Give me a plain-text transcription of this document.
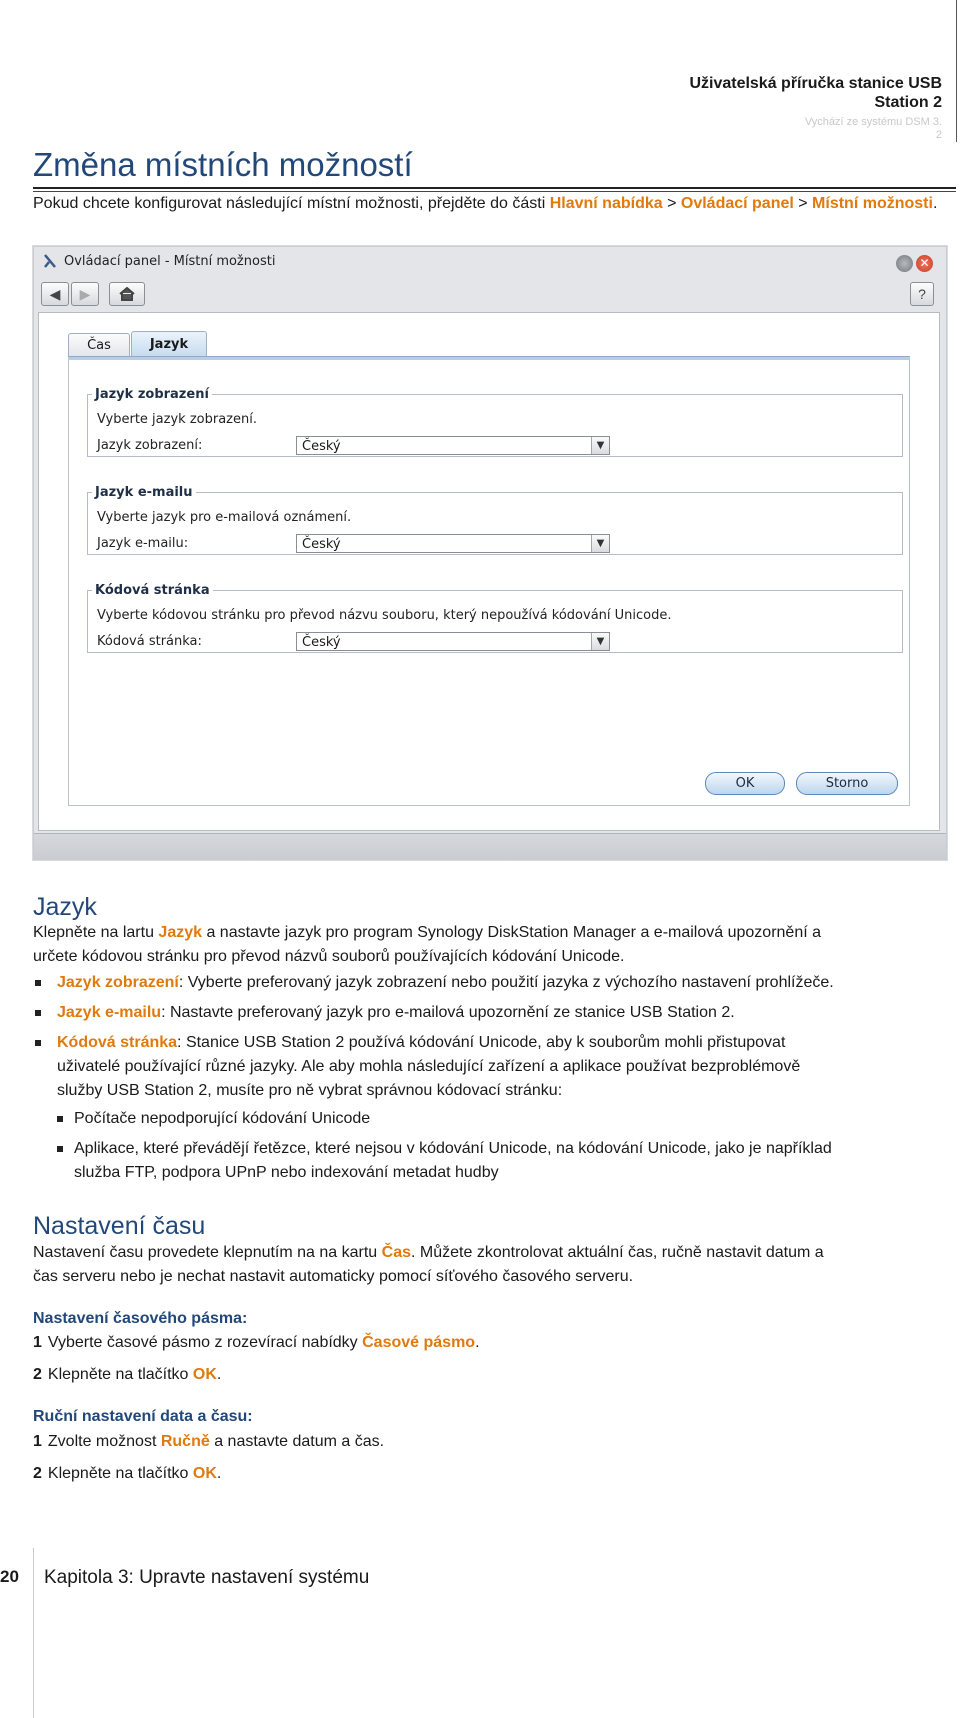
Uživatelská příručka stanice USB
Station 2
Vychází ze systému DSM 3.
2
Změna místních možností

Pokud chcete konfigurovat následující místní možnosti, přejděte do části Hlavní nabídka > Ovládací panel > Místní možnosti.

Ovládací panel - Místní možnosti	✕
◀ ▶	?
Čas	Jazyk
Jazyk zobrazení
Vyberte jazyk zobrazení.
Jazyk zobrazení:	Český	▼
Jazyk e-mailu
Vyberte jazyk pro e-mailová oznámení.
Jazyk e-mailu:	Český	▼
Kódová stránka
Vyberte kódovou stránku pro převod názvu souboru, který nepoužívá kódování Unicode.
Kódová stránka:	Český	▼
OK	Storno
Jazyk

Klepněte na lartu Jazyk a nastavte jazyk pro program Synology DiskStation Manager a e-mailová upozornění a
určete kódovou stránku pro převod názvů souborů používajících kódování Unicode.

Jazyk zobrazení: Vyberte preferovaný jazyk zobrazení nebo použití jazyka z výchozího nastavení prohlížeče.
Jazyk e-mailu: Nastavte preferovaný jazyk pro e-mailová upozornění ze stanice USB Station 2.
Kódová stránka: Stanice USB Station 2 používá kódování Unicode, aby k souborům mohli přistupovat
uživatelé používající různé jazyky. Ale aby mohla následující zařízení a aplikace používat bezproblémově
služby USB Station 2, musíte pro ně vybrat správnou kódovací stránku:
Počítače nepodporující kódování Unicode
Aplikace, které převádějí řetězce, které nejsou v kódování Unicode, na kódování Unicode, jako je například
služba FTP, podpora UPnP nebo indexování metadat hudby
Nastavení času

Nastavení času provedete klepnutím na na kartu Čas. Můžete zkontrolovat aktuální čas, ručně nastavit datum a
čas serveru nebo je nechat nastavit automaticky pomocí síťového časového serveru.

Nastavení časového pásma:

1 Vyberte časové pásmo z rozevírací nabídky Časové pásmo.
2 Klepněte na tlačítko OK.

Ruční nastavení data a času:

1 Zvolte možnost Ručně a nastavte datum a čas.
2 Klepněte na tlačítko OK.
20 Kapitola 3: Upravte nastavení systému
